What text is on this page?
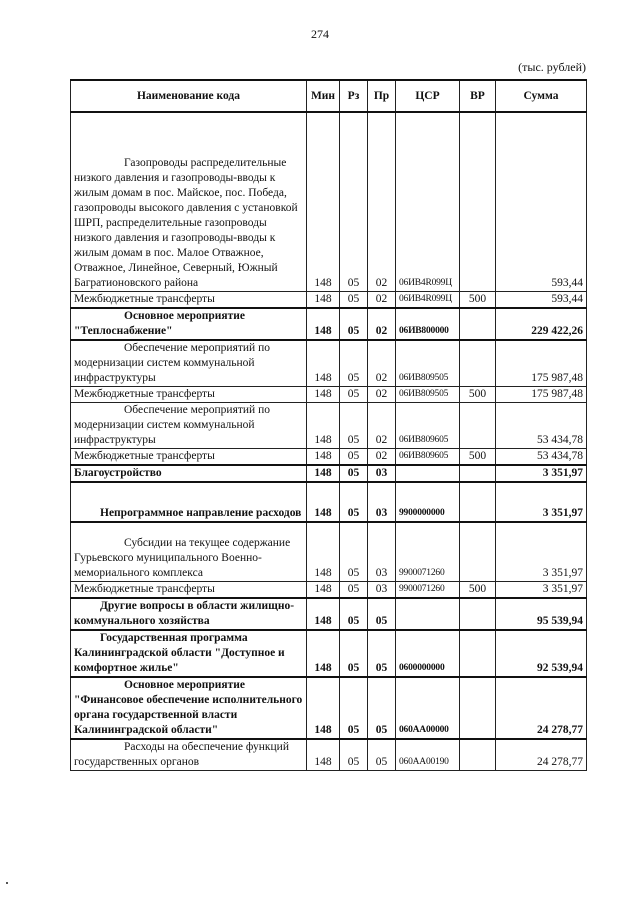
274
(тыс. рублей)
Наименование кода	Мин	Рз	Пр	ЦСР	ВР	Сумма
Газопроводы распределительные низкого давления и газопроводы-вводы к жилым домам в пос. Майское, пос. Победа, газопроводы высокого давления с установкой ШРП, распределительные газопроводы низкого давления и газопроводы-вводы к жилым домам в пос. Малое Отважное, Отважное, Линейное, Северный, Южный Багратионовского района	148	05	02	06ИВ4R099Ц		593,44
Межбюджетные трансферты	148	05	02	06ИВ4R099Ц	500	593,44
Основное мероприятие "Теплоснабжение"	148	05	02	06ИВ800000		229 422,26
Обеспечение мероприятий по модернизации систем коммунальной инфраструктуры	148	05	02	06ИВ809505		175 987,48
Межбюджетные трансферты	148	05	02	06ИВ809505	500	175 987,48
Обеспечение мероприятий по модернизации систем коммунальной инфраструктуры	148	05	02	06ИВ809605		53 434,78
Межбюджетные трансферты	148	05	02	06ИВ809605	500	53 434,78
Благоустройство	148	05	03			3 351,97
Непрограммное направление расходов	148	05	03	9900000000		3 351,97
Субсидии на текущее содержание Гурьевского муниципального Военно-мемориального комплекса	148	05	03	9900071260		3 351,97
Межбюджетные трансферты	148	05	03	9900071260	500	3 351,97
Другие вопросы в области жилищно-коммунального хозяйства	148	05	05			95 539,94
Государственная программа Калининградской области "Доступное и комфортное жилье"	148	05	05	0600000000		92 539,94
Основное мероприятие "Финансовое обеспечение исполнительного органа государственной власти Калининградской области"	148	05	05	060АА00000		24 278,77
Расходы на обеспечение функций государственных органов	148	05	05	060АА00190		24 278,77
